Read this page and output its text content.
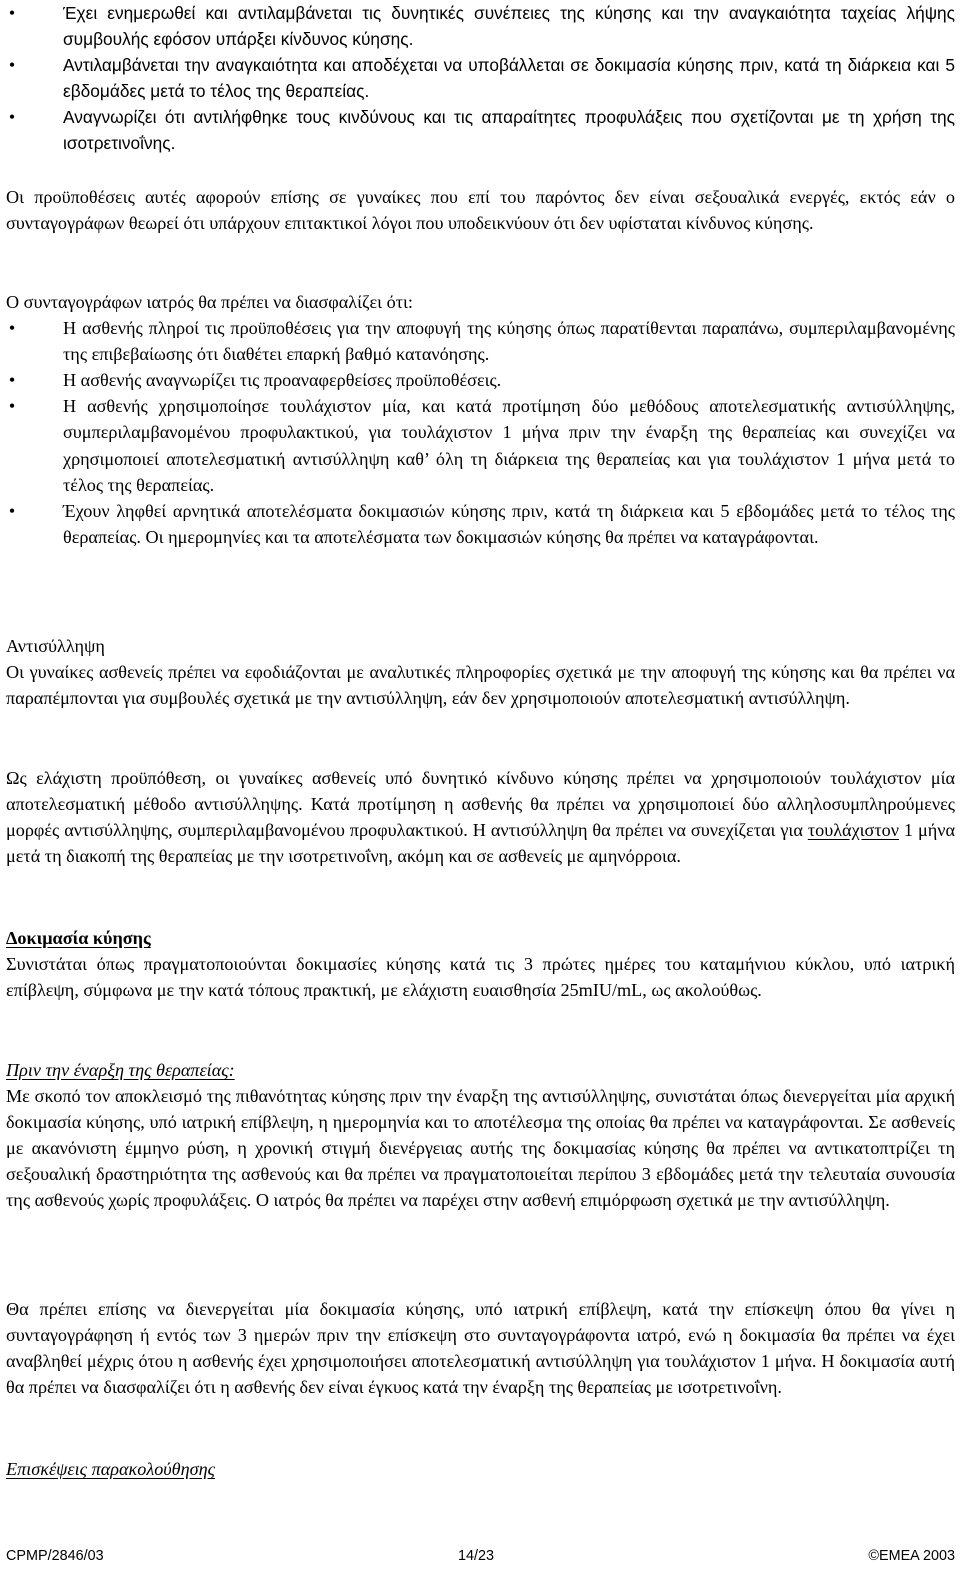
•	Έχει ενημερωθεί και αντιλαμβάνεται τις δυνητικές συνέπειες της κύησης και την αναγκαιότητα ταχείας λήψης συμβουλής εφόσον υπάρξει κίνδυνος κύησης.
•	Αντιλαμβάνεται την αναγκαιότητα και αποδέχεται να υποβάλλεται σε δοκιμασία κύησης πριν, κατά τη διάρκεια και 5 εβδομάδες μετά το τέλος της θεραπείας.
•	Αναγνωρίζει ότι αντιλήφθηκε τους κινδύνους και τις απαραίτητες προφυλάξεις που σχετίζονται με τη χρήση της ισοτρετινοΐνης.

Οι προϋποθέσεις αυτές αφορούν επίσης σε γυναίκες που επί του παρόντος δεν είναι σεξουαλικά ενεργές, εκτός εάν ο συνταγογράφων θεωρεί ότι υπάρχουν επιτακτικοί λόγοι που υποδεικνύουν ότι δεν υφίσταται κίνδυνος κύησης.

Ο συνταγογράφων ιατρός θα πρέπει να διασφαλίζει ότι:

•	Η ασθενής πληροί τις προϋποθέσεις για την αποφυγή της κύησης όπως παρατίθενται παραπάνω, συμπεριλαμβανομένης της επιβεβαίωσης ότι διαθέτει επαρκή βαθμό κατανόησης.
•	Η ασθενής αναγνωρίζει τις προαναφερθείσες προϋποθέσεις.
•	Η ασθενής χρησιμοποίησε τουλάχιστον μία, και κατά προτίμηση δύο μεθόδους αποτελεσματικής αντισύλληψης, συμπεριλαμβανομένου προφυλακτικού, για τουλάχιστον 1 μήνα πριν την έναρξη της θεραπείας και συνεχίζει να χρησιμοποιεί αποτελεσματική αντισύλληψη καθ’ όλη τη διάρκεια της θεραπείας και για τουλάχιστον 1 μήνα μετά το τέλος της θεραπείας.
•	Έχουν ληφθεί αρνητικά αποτελέσματα δοκιμασιών κύησης πριν, κατά τη διάρκεια και 5 εβδομάδες μετά το τέλος της θεραπείας. Οι ημερομηνίες και τα αποτελέσματα των δοκιμασιών κύησης θα πρέπει να καταγράφονται.

Αντισύλληψη

Οι γυναίκες ασθενείς πρέπει να εφοδιάζονται με αναλυτικές πληροφορίες σχετικά με την αποφυγή της κύησης και θα πρέπει να παραπέμπονται για συμβουλές σχετικά με την αντισύλληψη, εάν δεν χρησιμοποιούν αποτελεσματική αντισύλληψη.

Ως ελάχιστη προϋπόθεση, οι γυναίκες ασθενείς υπό δυνητικό κίνδυνο κύησης πρέπει να χρησιμοποιούν τουλάχιστον μία αποτελεσματική μέθοδο αντισύλληψης. Κατά προτίμηση η ασθενής θα πρέπει να χρησιμοποιεί δύο αλληλοσυμπληρούμενες μορφές αντισύλληψης, συμπεριλαμβανομένου προφυλακτικού. Η αντισύλληψη θα πρέπει να συνεχίζεται για τουλάχιστον 1 μήνα μετά τη διακοπή της θεραπείας με την ισοτρετινοΐνη, ακόμη και σε ασθενείς με αμηνόρροια.

Δοκιμασία κύησης

Συνιστάται όπως πραγματοποιούνται δοκιμασίες κύησης κατά τις 3 πρώτες ημέρες του καταμήνιου κύκλου, υπό ιατρική επίβλεψη, σύμφωνα με την κατά τόπους πρακτική, με ελάχιστη ευαισθησία 25mIU/mL, ως ακολούθως.

Πριν την έναρξη της θεραπείας:

Με σκοπό τον αποκλεισμό της πιθανότητας κύησης πριν την έναρξη της αντισύλληψης, συνιστάται όπως διενεργείται μία αρχική δοκιμασία κύησης, υπό ιατρική επίβλεψη, η ημερομηνία και το αποτέλεσμα της οποίας θα πρέπει να καταγράφονται. Σε ασθενείς με ακανόνιστη έμμηνο ρύση, η χρονική στιγμή διενέργειας αυτής της δοκιμασίας κύησης θα πρέπει να αντικατοπτρίζει τη σεξουαλική δραστηριότητα της ασθενούς και θα πρέπει να πραγματοποιείται περίπου 3 εβδομάδες μετά την τελευταία συνουσία της ασθενούς χωρίς προφυλάξεις. Ο ιατρός θα πρέπει να παρέχει στην ασθενή επιμόρφωση σχετικά με την αντισύλληψη.

Θα πρέπει επίσης να διενεργείται μία δοκιμασία κύησης, υπό ιατρική επίβλεψη, κατά την επίσκεψη όπου θα γίνει η συνταγογράφηση ή εντός των 3 ημερών πριν την επίσκεψη στο συνταγογράφοντα ιατρό, ενώ η δοκιμασία θα πρέπει να έχει αναβληθεί μέχρις ότου η ασθενής έχει χρησιμοποιήσει αποτελεσματική αντισύλληψη για τουλάχιστον 1 μήνα. Η δοκιμασία αυτή θα πρέπει να διασφαλίζει ότι η ασθενής δεν είναι έγκυος κατά την έναρξη της θεραπείας με ισοτρετινοΐνη.

Επισκέψεις παρακολούθησης

CPMP/2846/03	14/23	©EMEA 2003
